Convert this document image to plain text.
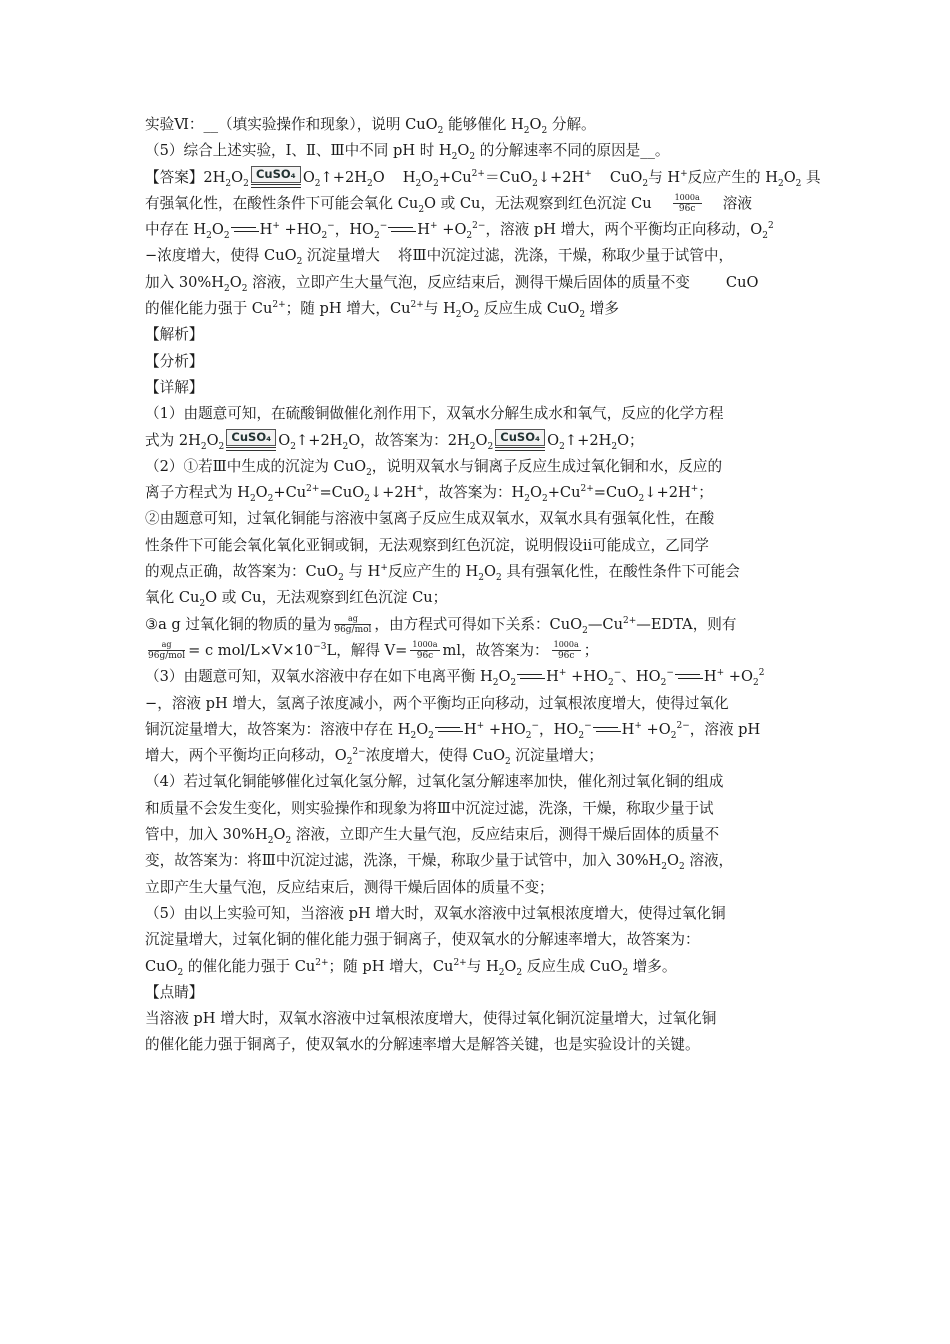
实验Ⅵ：__（填实验操作和现象），说明 CuO$_2$ 能够催化 $H_2O_2$ 分解。
（5）综合上述实验，Ⅰ、Ⅱ、Ⅲ中不同 pH 时 $H_2O_2$ 的分解速率不同的原因是__。
【答案】$2H_2O_2$
CuSO₄ $O_2↑+2H_2O$ $H_2O_2+Cu^{2+}=CuO_2↓+2H^+$ CuO$_2$与 H+反应产生的 $H_2O_2$ 具
有强氧化性，在酸性条件下可能会氧化 $Cu_2O$ 或 Cu，无法观察到红色沉淀 Cu	$\frac{1000a}{96c}$ 溶液
中存在 $H_2O_2$ $H^+ +HO_2^-$，$HO_2^-$ $H^+ +O_2^{2-}$，溶液 pH 增大，两个平衡均正向移动，$O_2^2$
−浓度增大，使得 CuO$_2$ 沉淀量增大 将Ⅲ中沉淀过滤，洗涤，干燥，称取少量于试管中，
加入 $30\%H_2O_2$ 溶液，立即产生大量气泡，反应结束后，测得干燥后固体的质量不变 CuO
的催化能力强于 $Cu^{2+}$；随 pH 增大，$Cu^{2+}$与 $H_2O_2$ 反应生成 CuO$_2$ 增多
【解析】
【分析】
【详解】
（1）由题意可知，在硫酸铜做催化剂作用下，双氧水分解生成水和氧气，反应的化学方程
式为 $2H_2O_2$
CuSO₄ $O_2↑+2H_2O$，故答案为：$2H_2O_2$
CuSO₄ $O_2↑+2H_2O$；
（2）①若Ⅲ中生成的沉淀为 CuO$_2$，说明双氧水与铜离子反应生成过氧化铜和水，反应的
离子方程式为 $H_2O_2+Cu^{2+}=CuO_2↓+2H^+$，故答案为：$H_2O_2+Cu^{2+}=CuO_2↓+2H^+$；
②由题意可知，过氧化铜能与溶液中氢离子反应生成双氧水，双氧水具有强氧化性，在酸
性条件下可能会氧化氧化亚铜或铜，无法观察到红色沉淀，说明假设ⅱ可能成立，乙同学
的观点正确，故答案为：CuO$_2$ 与 H+反应产生的 $H_2O_2$ 具有强氧化性，在酸性条件下可能会
氧化 $Cu_2O$ 或 Cu，无法观察到红色沉淀 Cu；
③a g 过氧化铜的物质的量为 $\frac{ag}{\text{96g/mol}}$ ，由方程式可得如下关系：$CuO_2—Cu^{2+}—EDTA$，则有
$\frac{ag}{\text{96g/mol}} = c$ mol/$L\times V\times 10^{-3}L$，解得 $V= \frac{1000a}{96c}$ ml，故答案为： $\frac{1000a}{96c}$ ；
（3）由题意可知，双氧水溶液中存在如下电离平衡 $H_2O_2$ $H^+ +HO_2^-$、$HO_2^-$ $H^+ +O_2^2$
−，溶液 pH 增大，氢离子浓度减小，两个平衡均正向移动，过氧根浓度增大，使得过氧化
铜沉淀量增大，故答案为：溶液中存在 $H_2O_2$ $H^+ +HO_2^-$，$HO_2^-$ $H^+ +O_2^{2-}$，溶液 pH
增大，两个平衡均正向移动，$O_2^{2-}$浓度增大，使得 CuO$_2$ 沉淀量增大；
（4）若过氧化铜能够催化过氧化氢分解，过氧化氢分解速率加快，催化剂过氧化铜的组成
和质量不会发生变化，则实验操作和现象为将Ⅲ中沉淀过滤，洗涤，干燥，称取少量于试
管中，加入 $30\%H_2O_2$ 溶液，立即产生大量气泡，反应结束后，测得干燥后固体的质量不
变，故答案为：将Ⅲ中沉淀过滤，洗涤，干燥，称取少量于试管中，加入 $30\%H_2O_2$ 溶液，
立即产生大量气泡，反应结束后，测得干燥后固体的质量不变；
（5）由以上实验可知，当溶液 pH 增大时，双氧水溶液中过氧根浓度增大，使得过氧化铜
沉淀量增大，过氧化铜的催化能力强于铜离子，使双氧水的分解速率增大，故答案为：
CuO$_2$ 的催化能力强于 $Cu^{2+}$；随 pH 增大，$Cu^{2+}$与 $H_2O_2$ 反应生成 CuO$_2$ 增多。
【点睛】
当溶液 pH 增大时，双氧水溶液中过氧根浓度增大，使得过氧化铜沉淀量增大，过氧化铜
的催化能力强于铜离子，使双氧水的分解速率增大是解答关键，也是实验设计的关键。
